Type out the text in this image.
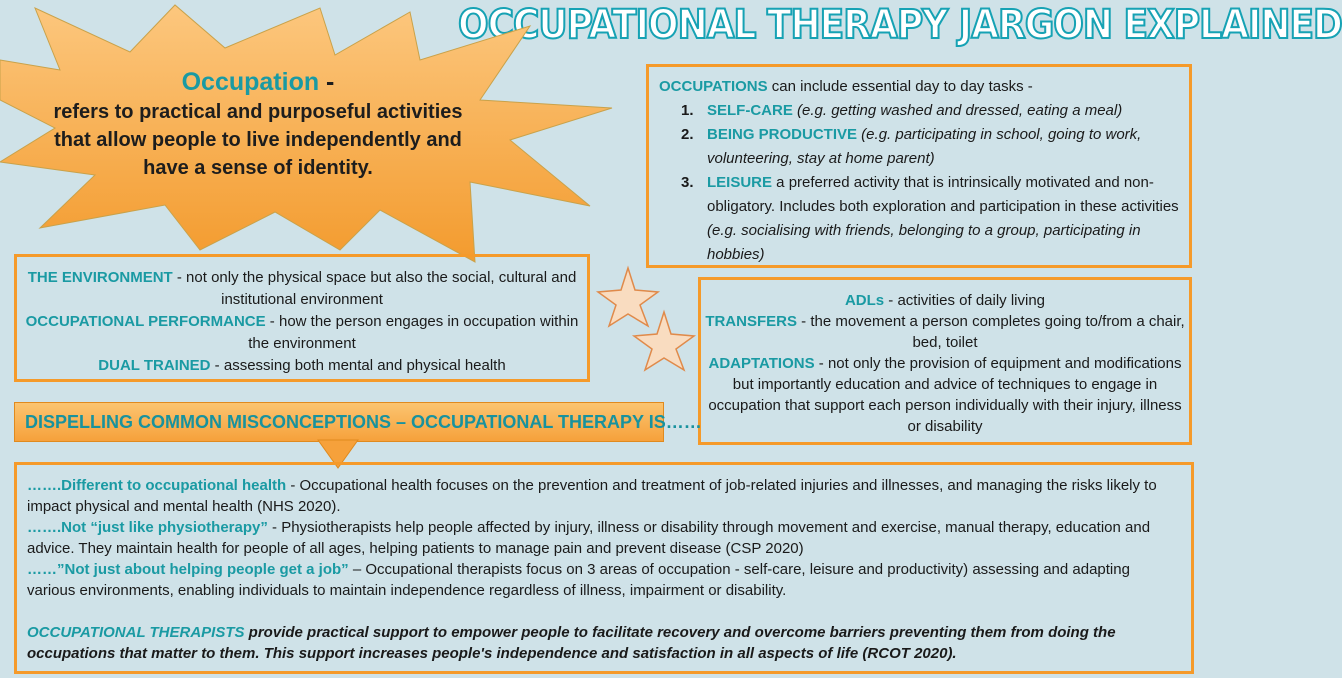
OCCUPATIONAL THERAPY JARGON EXPLAINED
Occupation -
refers to practical and purposeful activities that allow people to live independently and have a sense of identity.
OCCUPATIONS can include essential day to day tasks -
1. SELF-CARE (e.g. getting washed and dressed, eating a meal)
2. BEING PRODUCTIVE (e.g. participating in school, going to work, volunteering, stay at home parent)
3. LEISURE a preferred activity that is intrinsically motivated and non-obligatory. Includes both exploration and participation in these activities (e.g. socialising with friends, belonging to a group, participating in hobbies)
THE ENVIRONMENT - not only the physical space but also the social, cultural and institutional environment
OCCUPATIONAL PERFORMANCE - how the person engages in occupation within the environment
DUAL TRAINED - assessing both mental and physical health
ADLs - activities of daily living
TRANSFERS - the movement a person completes going to/from a chair, bed, toilet
ADAPTATIONS - not only the provision of equipment and modifications but importantly education and advice of techniques to engage in occupation that support each person individually with their injury, illness or disability
DISPELLING COMMON MISCONCEPTIONS – OCCUPATIONAL THERAPY IS……

…….Different to occupational health - Occupational health focuses on the prevention and treatment of job-related injuries and illnesses, and managing the risks likely to impact physical and mental health (NHS 2020).

…….Not “just like physiotherapy” - Physiotherapists help people affected by injury, illness or disability through movement and exercise, manual therapy, education and advice. They maintain health for people of all ages, helping patients to manage pain and prevent disease (CSP 2020)

……”Not just about helping people get a job” – Occupational therapists focus on 3 areas of occupation - self-care, leisure and productivity) assessing and adapting various environments, enabling individuals to maintain independence regardless of illness, impairment or disability.

OCCUPATIONAL THERAPISTS provide practical support to empower people to facilitate recovery and overcome barriers preventing them from doing the occupations that matter to them. This support increases people's independence and satisfaction in all aspects of life (RCOT 2020).
